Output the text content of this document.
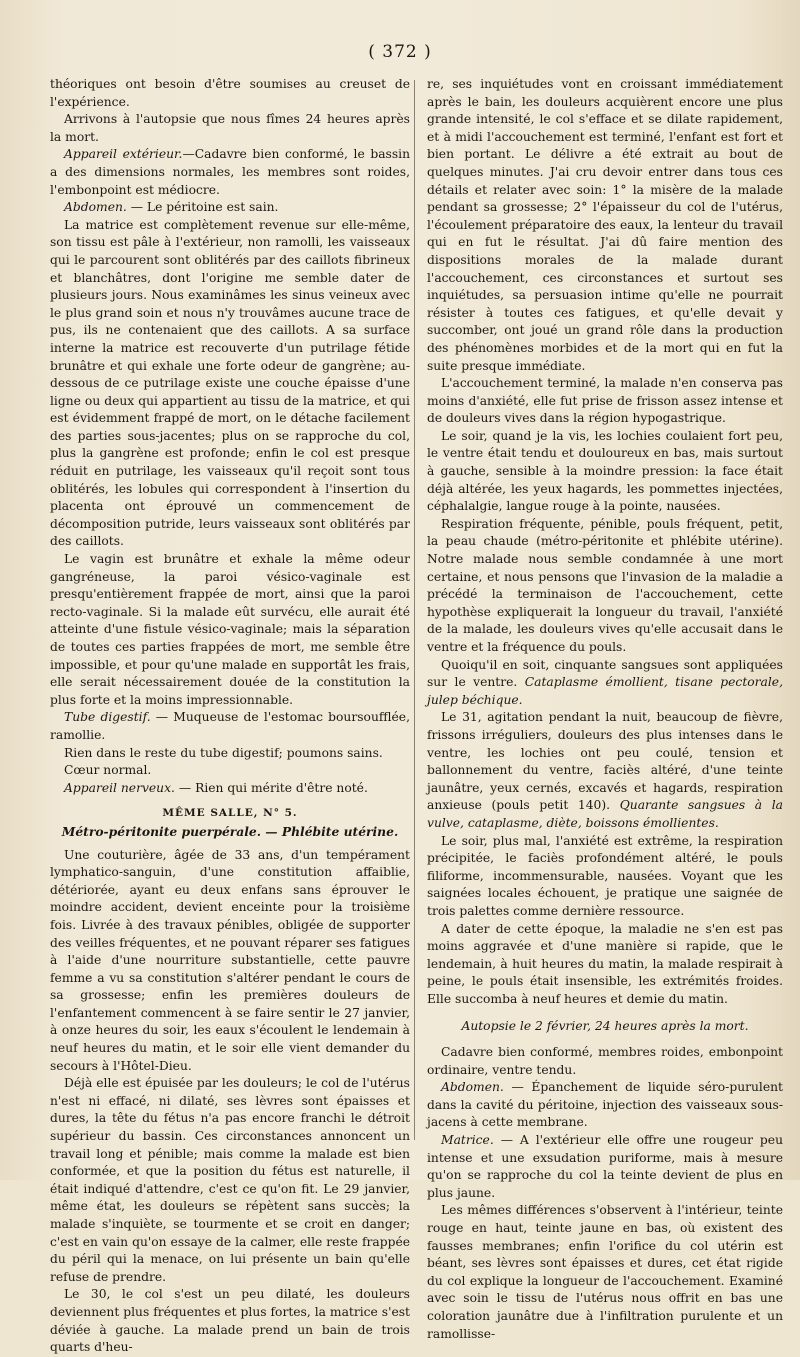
( 372 )

théoriques ont besoin d'être soumises au creuset de l'expérience.

Arrivons à l'autopsie que nous fîmes 24 heures après la mort.

Appareil extérieur.—Cadavre bien conformé, le bassin a des dimensions normales, les membres sont roides, l'embonpoint est médiocre.

Abdomen. — Le péritoine est sain.

La matrice est complètement revenue sur elle-même, son tissu est pâle à l'extérieur, non ramolli, les vaisseaux qui le parcourent sont oblitérés par des caillots fibrineux et blanchâtres, dont l'origine me semble dater de plusieurs jours. Nous examinâmes les sinus veineux avec le plus grand soin et nous n'y trouvâmes aucune trace de pus, ils ne contenaient que des caillots. A sa surface interne la matrice est recouverte d'un putrilage fétide brunâtre et qui exhale une forte odeur de gangrène; au-dessous de ce putrilage existe une couche épaisse d'une ligne ou deux qui appartient au tissu de la matrice, et qui est évidemment frappé de mort, on le détache facilement des parties sous-jacentes; plus on se rapproche du col, plus la gangrène est profonde; enfin le col est presque réduit en putrilage, les vaisseaux qu'il reçoit sont tous oblitérés, les lobules qui correspondent à l'insertion du placenta ont éprouvé un commencement de décomposition putride, leurs vaisseaux sont oblitérés par des caillots.

Le vagin est brunâtre et exhale la même odeur gangréneuse, la paroi vésico-vaginale est presqu'entièrement frappée de mort, ainsi que la paroi recto-vaginale. Si la malade eût survécu, elle aurait été atteinte d'une fistule vésico-vaginale; mais la séparation de toutes ces parties frappées de mort, me semble être impossible, et pour qu'une malade en supportât les frais, elle serait nécessairement douée de la constitution la plus forte et la moins impressionnable.

Tube digestif. — Muqueuse de l'estomac boursoufflée, ramollie.

Rien dans le reste du tube digestif; poumons sains.

Cœur normal.

Appareil nerveux. — Rien qui mérite d'être noté.

MÊME SALLE, N° 5.

Métro-péritonite puerpérale. — Phlébite utérine.

Une couturière, âgée de 33 ans, d'un tempérament lymphatico-sanguin, d'une constitution affaiblie, détériorée, ayant eu deux enfans sans éprouver le moindre accident, devient enceinte pour la troisième fois. Livrée à des travaux pénibles, obligée de supporter des veilles fréquentes, et ne pouvant réparer ses fatigues à l'aide d'une nourriture substantielle, cette pauvre femme a vu sa constitution s'altérer pendant le cours de sa grossesse; enfin les premières douleurs de l'enfantement commencent à se faire sentir le 27 janvier, à onze heures du soir, les eaux s'écoulent le lendemain à neuf heures du matin, et le soir elle vient demander du secours à l'Hôtel-Dieu.

Déjà elle est épuisée par les douleurs; le col de l'utérus n'est ni effacé, ni dilaté, ses lèvres sont épaisses et dures, la tête du fétus n'a pas encore franchi le détroit supérieur du bassin. Ces circonstances annoncent un travail long et pénible; mais comme la malade est bien conformée, et que la position du fétus est naturelle, il était indiqué d'attendre, c'est ce qu'on fit. Le 29 janvier, même état, les douleurs se répètent sans succès; la malade s'inquiète, se tourmente et se croit en danger; c'est en vain qu'on essaye de la calmer, elle reste frappée du péril qui la menace, on lui présente un bain qu'elle refuse de prendre.

Le 30, le col s'est un peu dilaté, les douleurs deviennent plus fréquentes et plus fortes, la matrice s'est déviée à gauche. La malade prend un bain de trois quarts d'heu-

re, ses inquiétudes vont en croissant immédiatement après le bain, les douleurs acquièrent encore une plus grande intensité, le col s'efface et se dilate rapidement, et à midi l'accouchement est terminé, l'enfant est fort et bien portant. Le délivre a été extrait au bout de quelques minutes. J'ai cru devoir entrer dans tous ces détails et relater avec soin: 1° la misère de la malade pendant sa grossesse; 2° l'épaisseur du col de l'utérus, l'écoulement préparatoire des eaux, la lenteur du travail qui en fut le résultat. J'ai dû faire mention des dispositions morales de la malade durant l'accouchement, ces circonstances et surtout ses inquiétudes, sa persuasion intime qu'elle ne pourrait résister à toutes ces fatigues, et qu'elle devait y succomber, ont joué un grand rôle dans la production des phénomènes morbides et de la mort qui en fut la suite presque immédiate.

L'accouchement terminé, la malade n'en conserva pas moins d'anxiété, elle fut prise de frisson assez intense et de douleurs vives dans la région hypogastrique.

Le soir, quand je la vis, les lochies coulaient fort peu, le ventre était tendu et douloureux en bas, mais surtout à gauche, sensible à la moindre pression: la face était déjà altérée, les yeux hagards, les pommettes injectées, céphalalgie, langue rouge à la pointe, nausées.

Respiration fréquente, pénible, pouls fréquent, petit, la peau chaude (métro-péritonite et phlébite utérine). Notre malade nous semble condamnée à une mort certaine, et nous pensons que l'invasion de la maladie a précédé la terminaison de l'accouchement, cette hypothèse expliquerait la longueur du travail, l'anxiété de la malade, les douleurs vives qu'elle accusait dans le ventre et la fréquence du pouls.

Quoiqu'il en soit, cinquante sangsues sont appliquées sur le ventre. Cataplasme émollient, tisane pectorale, julep béchique.

Le 31, agitation pendant la nuit, beaucoup de fièvre, frissons irréguliers, douleurs des plus intenses dans le ventre, les lochies ont peu coulé, tension et ballonnement du ventre, faciès altéré, d'une teinte jaunâtre, yeux cernés, excavés et hagards, respiration anxieuse (pouls petit 140). Quarante sangsues à la vulve, cataplasme, diète, boissons émollientes.

Le soir, plus mal, l'anxiété est extrême, la respiration précipitée, le faciès profondément altéré, le pouls filiforme, incommensurable, nausées. Voyant que les saignées locales échouent, je pratique une saignée de trois palettes comme dernière ressource.

A dater de cette époque, la maladie ne s'en est pas moins aggravée et d'une manière si rapide, que le lendemain, à huit heures du matin, la malade respirait à peine, le pouls était insensible, les extrémités froides. Elle succomba à neuf heures et demie du matin.

Autopsie le 2 février, 24 heures après la mort.

Cadavre bien conformé, membres roides, embonpoint ordinaire, ventre tendu.

Abdomen. — Épanchement de liquide séro-purulent dans la cavité du péritoine, injection des vaisseaux sous-jacens à cette membrane.

Matrice. — A l'extérieur elle offre une rougeur peu intense et une exsudation puriforme, mais à mesure qu'on se rapproche du col la teinte devient de plus en plus jaune.

Les mêmes différences s'observent à l'intérieur, teinte rouge en haut, teinte jaune en bas, où existent des fausses membranes; enfin l'orifice du col utérin est béant, ses lèvres sont épaisses et dures, cet état rigide du col explique la longueur de l'accouchement. Examiné avec soin le tissu de l'utérus nous offrit en bas une coloration jaunâtre due à l'infiltration purulente et un ramollisse-
